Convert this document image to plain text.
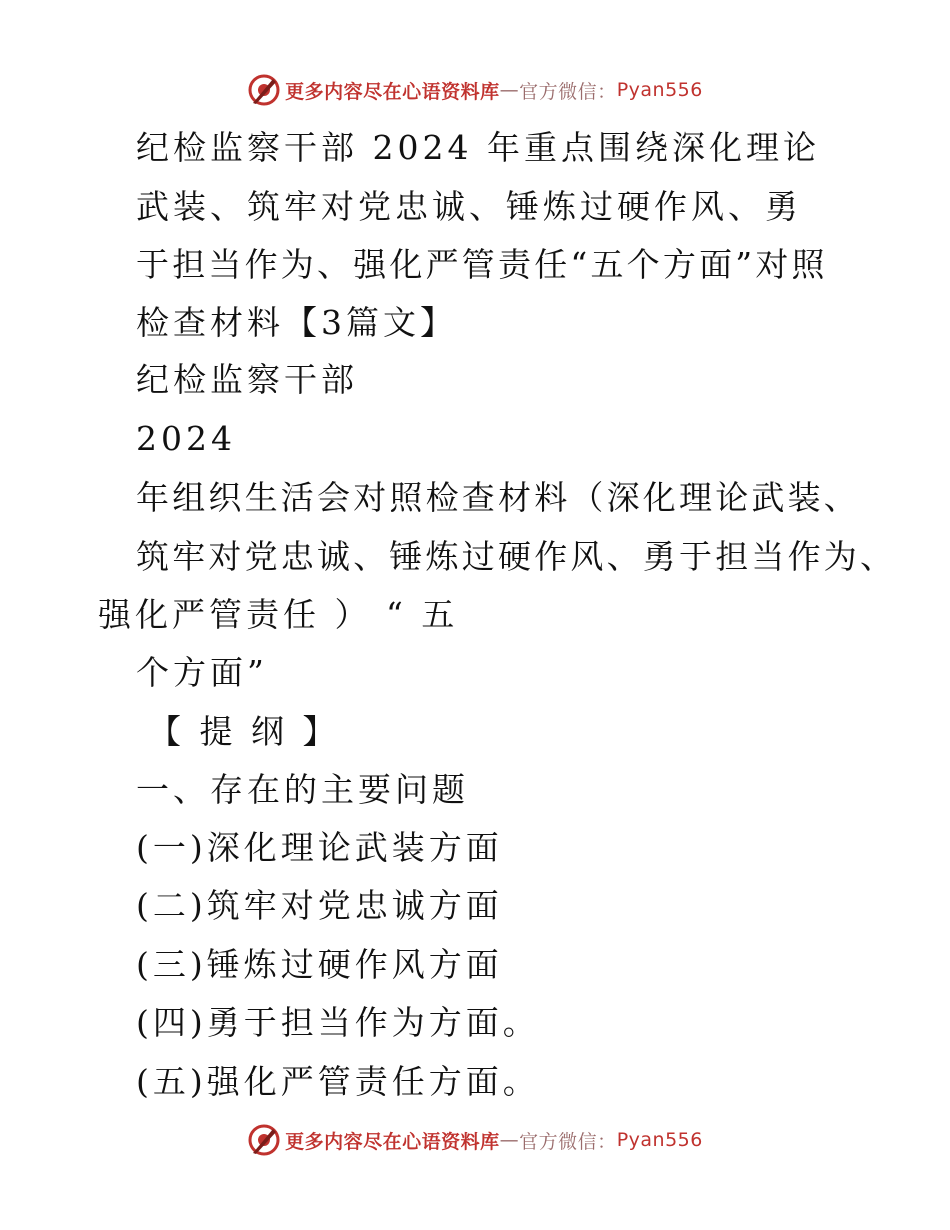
更多内容尽在心语资料库 — 官方微信： Pyan556
纪检监察干部 2024 年重点围绕深化理论
武装、筑牢对党忠诚、锤炼过硬作风、勇
于担当作为、强化严管责任“五个方面”对照
检查材料【3篇文】
纪检监察干部
2024
年组织生活会对照检查材料（深化理论武装、
筑牢对党忠诚、锤炼过硬作风、勇于担当作为、
强化严管责任 ） “ 五
个方面”
【 提 纲 】
一、存在的主要问题
(一)深化理论武装方面
(二)筑牢对党忠诚方面
(三)锤炼过硬作风方面
(四)勇于担当作为方面。
(五)强化严管责任方面。
更多内容尽在心语资料库 — 官方微信： Pyan556
